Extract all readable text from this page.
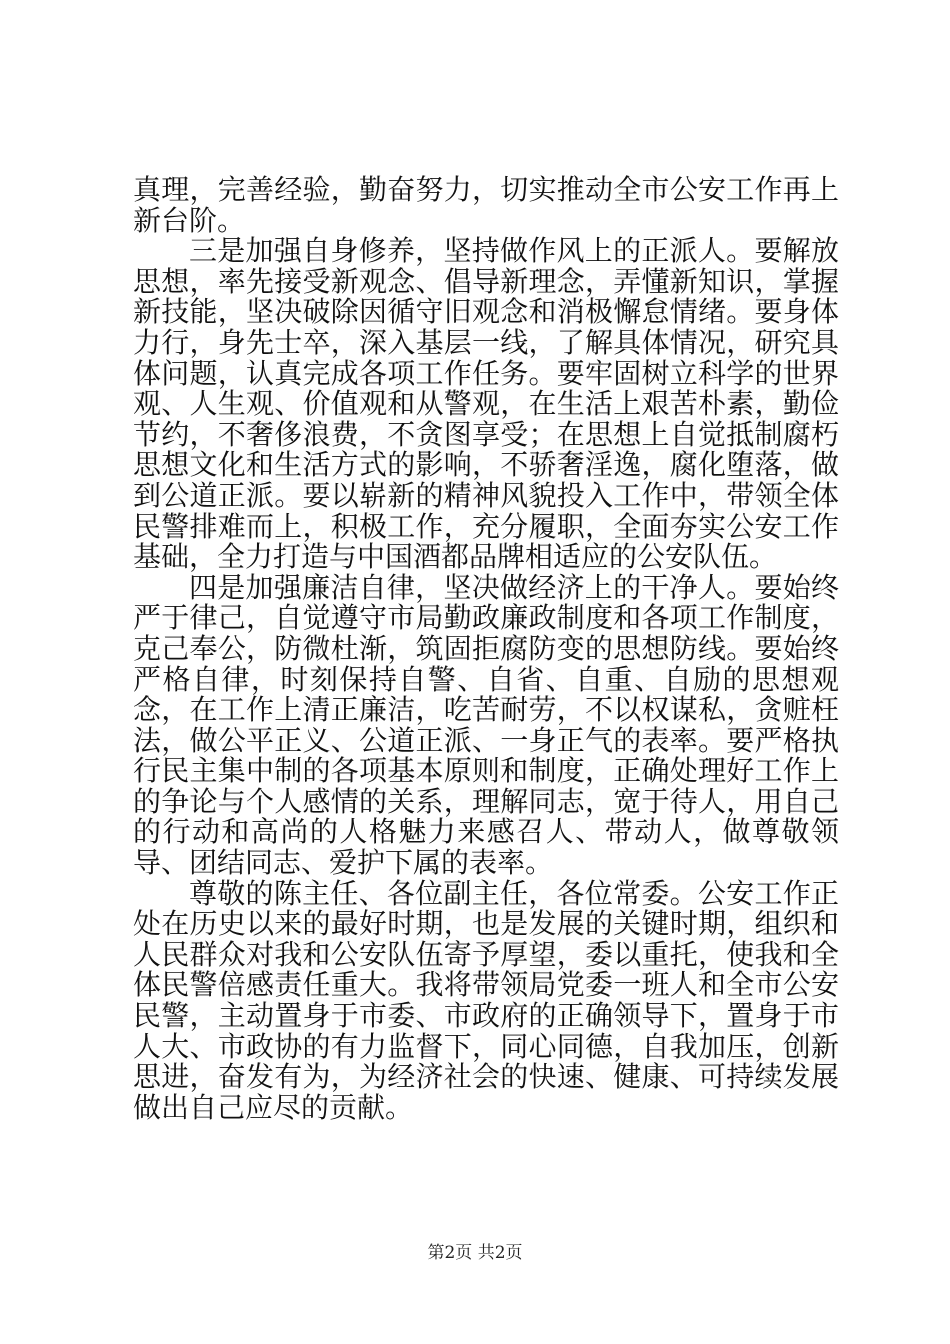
真理，完善经验，勤奋努力，切实推动全市公安工作再上新台阶。

三是加强自身修养，坚持做作风上的正派人。要解放思想，率先接受新观念、倡导新理念，弄懂新知识，掌握新技能，坚决破除因循守旧观念和消极懈怠情绪。要身体力行，身先士卒，深入基层一线，了解具体情况，研究具体问题，认真完成各项工作任务。要牢固树立科学的世界观、人生观、价值观和从警观，在生活上艰苦朴素，勤俭节约，不奢侈浪费，不贪图享受；在思想上自觉抵制腐朽思想文化和生活方式的影响，不骄奢淫逸，腐化堕落，做到公道正派。要以崭新的精神风貌投入工作中，带领全体民警排难而上，积极工作，充分履职，全面夯实公安工作基础，全力打造与中国酒都品牌相适应的公安队伍。

四是加强廉洁自律，坚决做经济上的干净人。要始终严于律己，自觉遵守市局勤政廉政制度和各项工作制度，克己奉公，防微杜渐，筑固拒腐防变的思想防线。要始终严格自律，时刻保持自警、自省、自重、自励的思想观念，在工作上清正廉洁，吃苦耐劳，不以权谋私，贪赃枉法，做公平正义、公道正派、一身正气的表率。要严格执行民主集中制的各项基本原则和制度，正确处理好工作上的争论与个人感情的关系，理解同志，宽于待人，用自己的行动和高尚的人格魅力来感召人、带动人，做尊敬领导、团结同志、爱护下属的表率。

尊敬的陈主任、各位副主任，各位常委。公安工作正处在历史以来的最好时期，也是发展的关键时期，组织和人民群众对我和公安队伍寄予厚望，委以重托，使我和全体民警倍感责任重大。我将带领局党委一班人和全市公安民警，主动置身于市委、市政府的正确领导下，置身于市人大、市政协的有力监督下，同心同德，自我加压，创新思进，奋发有为，为经济社会的快速、健康、可持续发展做出自己应尽的贡献。

第2页 共2页
